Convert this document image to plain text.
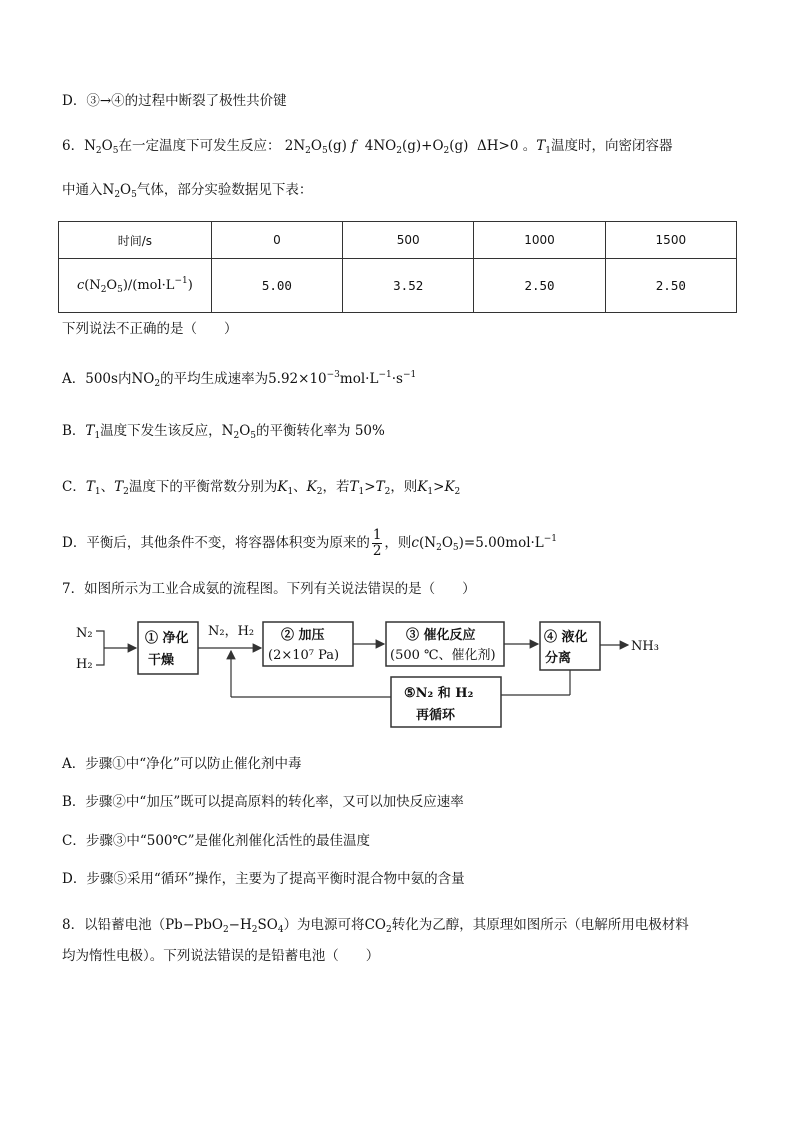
D．③→④的过程中断裂了极性共价键
6．$N_2O_5$在一定温度下可发生反应： $2N_2O_5(g)$ f  $4NO_2(g)+O_2(g)$  ΔH>0 。$T_1$温度时，向密闭容器
中通入$N_2O_5$气体，部分实验数据见下表：
时间/s	0	500	1000	1500
$c(N_2O_5)/(mol\cdot L^{-1})$	5.00	3.52	2.50	2.50
下列说法不正确的是（　　）
A．500s内$NO_2$的平均生成速率为$5.92\times 10^{-3}mol\cdot L^{-1}\cdot s^{-1}$
B．$T_1$温度下发生该反应，$N_2O_5$的平衡转化率为 50%
C．$T_1$、$T_2$温度下的平衡常数分别为$K_1$、$K_2$，若$T_1>T_2$，则$K_1>K_2$
D．平衡后，其他条件不变，将容器体积变为原来的 $\frac{1}{2}$ ，则$c(N_2O_5)=5.00mol\cdot L^{-1}$
7．如图所示为工业合成氨的流程图。下列有关说法错误的是（　　）
N₂
H₂
① 净化
干燥
N₂，H₂ ② 加压
(2×10⁷ Pa)
③ 催化反应
(500 ℃、催化剂)
④ 液化
分离
NH₃
⑤N₂ 和 H₂
再循环
A．步骤①中“净化”可以防止催化剂中毒
B．步骤②中“加压”既可以提高原料的转化率，又可以加快反应速率
C．步骤③中“500℃”是催化剂催化活性的最佳温度
D．步骤⑤采用“循环”操作，主要为了提高平衡时混合物中氨的含量
8．以铅蓄电池$(Pb-PbO_2-H_2SO_4)$为电源可将$CO_2$转化为乙醇，其原理如图所示（电解所用电极材料
均为惰性电极）。下列说法错误的是铅蓄电池（　　）
